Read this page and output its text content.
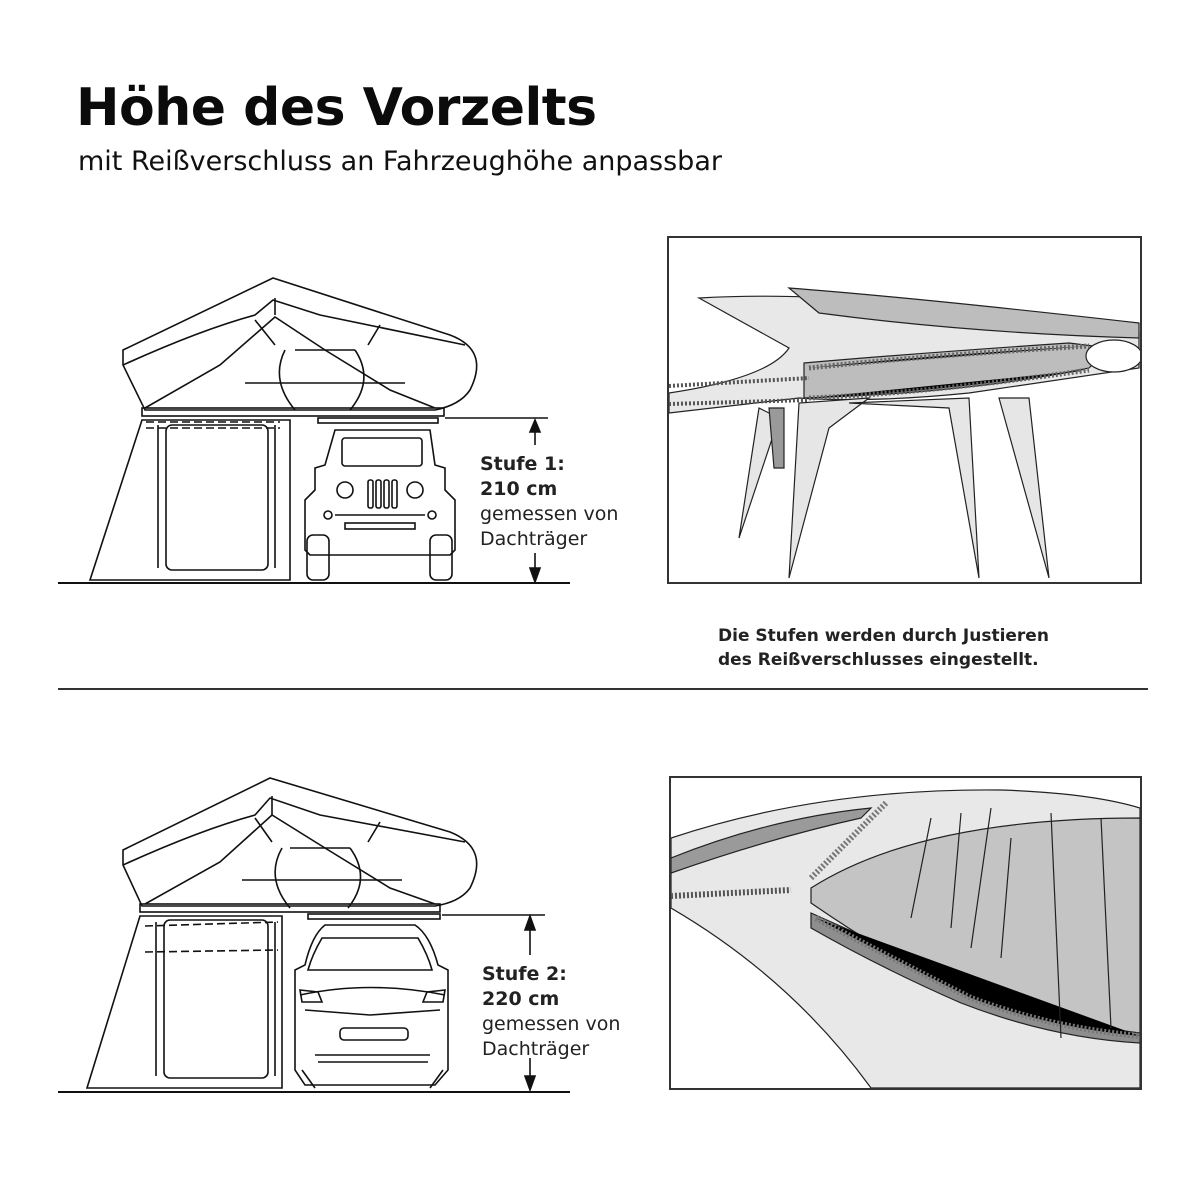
Höhe des Vorzelts

mit Reißverschluss an Fahrzeughöhe anpassbar

Stufe 1:
210 cm
gemessen von
Dachträger
Die Stufen werden durch Justieren
des Reißverschlusses eingestellt.
Stufe 2:
220 cm
gemessen von
Dachträger
